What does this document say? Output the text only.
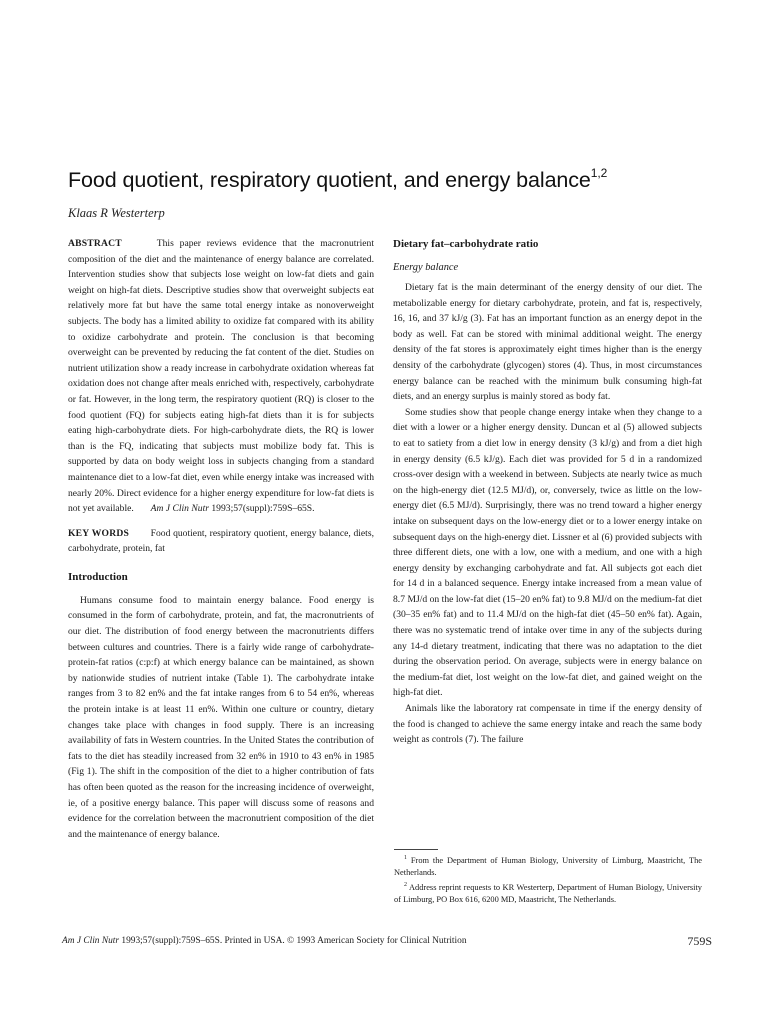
Food quotient, respiratory quotient, and energy balance$^{1,2}$
Klaas R Westerterp
ABSTRACT	This paper reviews evidence that the macronutrient composition of the diet and the maintenance of energy balance are correlated. Intervention studies show that subjects lose weight on low-fat diets and gain weight on high-fat diets. Descriptive studies show that overweight subjects eat relatively more fat but have the same total energy intake as nonoverweight subjects. The body has a limited ability to oxidize fat compared with its ability to oxidize carbohydrate and protein. The conclusion is that becoming overweight can be prevented by reducing the fat content of the diet. Studies on nutrient utilization show a ready increase in carbohydrate oxidation whereas fat oxidation does not change after meals enriched with, respectively, carbohydrate or fat. However, in the long term, the respiratory quotient (RQ) is closer to the food quotient (FQ) for subjects eating high-fat diets than it is for subjects eating high-carbohydrate diets. For high-carbohydrate diets, the RQ is lower than is the FQ, indicating that subjects must mobilize body fat. This is supported by data on body weight loss in subjects changing from a standard maintenance diet to a low-fat diet, even while energy intake was increased with nearly 20%. Direct evidence for a higher energy expenditure for low-fat diets is not yet available. Am J Clin Nutr 1993;57(suppl):759S–65S.
KEY WORDS Food quotient, respiratory quotient, energy balance, diets, carbohydrate, protein, fat
Introduction

Humans consume food to maintain energy balance. Food energy is consumed in the form of carbohydrate, protein, and fat, the macronutrients of our diet. The distribution of food energy between the macronutrients differs between cultures and countries. There is a fairly wide range of carbohydrate-protein-fat ratios (c:p:f) at which energy balance can be maintained, as shown by nationwide studies of nutrient intake (Table 1). The carbohydrate intake ranges from 3 to 82 en% and the fat intake ranges from 6 to 54 en%, whereas the protein intake is at least 11 en%. Within one culture or country, dietary changes take place with changes in food supply. There is an increasing availability of fats in Western countries. In the United States the contribution of fats to the diet has steadily increased from 32 en% in 1910 to 43 en% in 1985 (Fig 1). The shift in the composition of the diet to a higher contribution of fats has often been quoted as the reason for the increasing incidence of overweight, ie, of a positive energy balance. This paper will discuss some of reasons and evidence for the correlation between the macronutrient composition of the diet and the maintenance of energy balance.

Dietary fat–carbohydrate ratio
Energy balance

Dietary fat is the main determinant of the energy density of our diet. The metabolizable energy for dietary carbohydrate, protein, and fat is, respectively, 16, 16, and 37 kJ/g (3). Fat has an important function as an energy depot in the body as well. Fat can be stored with minimal additional weight. The energy density of the fat stores is approximately eight times higher than is the energy density of the carbohydrate (glycogen) stores (4). Thus, in most circumstances energy balance can be reached with the minimum bulk consuming high-fat diets, and an energy surplus is mainly stored as body fat.

Some studies show that people change energy intake when they change to a diet with a lower or a higher energy density. Duncan et al (5) allowed subjects to eat to satiety from a diet low in energy density (3 kJ/g) and from a diet high in energy density (6.5 kJ/g). Each diet was provided for 5 d in a randomized cross-over design with a weekend in between. Subjects ate nearly twice as much on the high-energy diet (12.5 MJ/d), or, conversely, twice as little on the low-energy diet (6.5 MJ/d). Surprisingly, there was no trend toward a higher energy intake on subsequent days on the low-energy diet or to a lower energy intake on subsequent days on the high-energy diet. Lissner et al (6) provided subjects with three different diets, one with a low, one with a medium, and one with a high energy density by exchanging carbohydrate and fat. All subjects got each diet for 14 d in a balanced sequence. Energy intake increased from a mean value of 8.7 MJ/d on the low-fat diet (15–20 en% fat) to 9.8 MJ/d on the medium-fat diet (30–35 en% fat) and to 11.4 MJ/d on the high-fat diet (45–50 en% fat). Again, there was no systematic trend of intake over time in any of the subjects during any 14-d dietary treatment, indicating that there was no adaptation to the diet during the observation period. On average, subjects were in energy balance on the medium-fat diet, lost weight on the low-fat diet, and gained weight on the high-fat diet.

Animals like the laboratory rat compensate in time if the energy density of the food is changed to achieve the same energy intake and reach the same body weight as controls (7). The failure

$^1$ From the Department of Human Biology, University of Limburg, Maastricht, The Netherlands.

$^2$ Address reprint requests to KR Westerterp, Department of Human Biology, University of Limburg, PO Box 616, 6200 MD, Maastricht, The Netherlands.

Am J Clin Nutr 1993;57(suppl):759S–65S. Printed in USA. © 1993 American Society for Clinical Nutrition	759S
